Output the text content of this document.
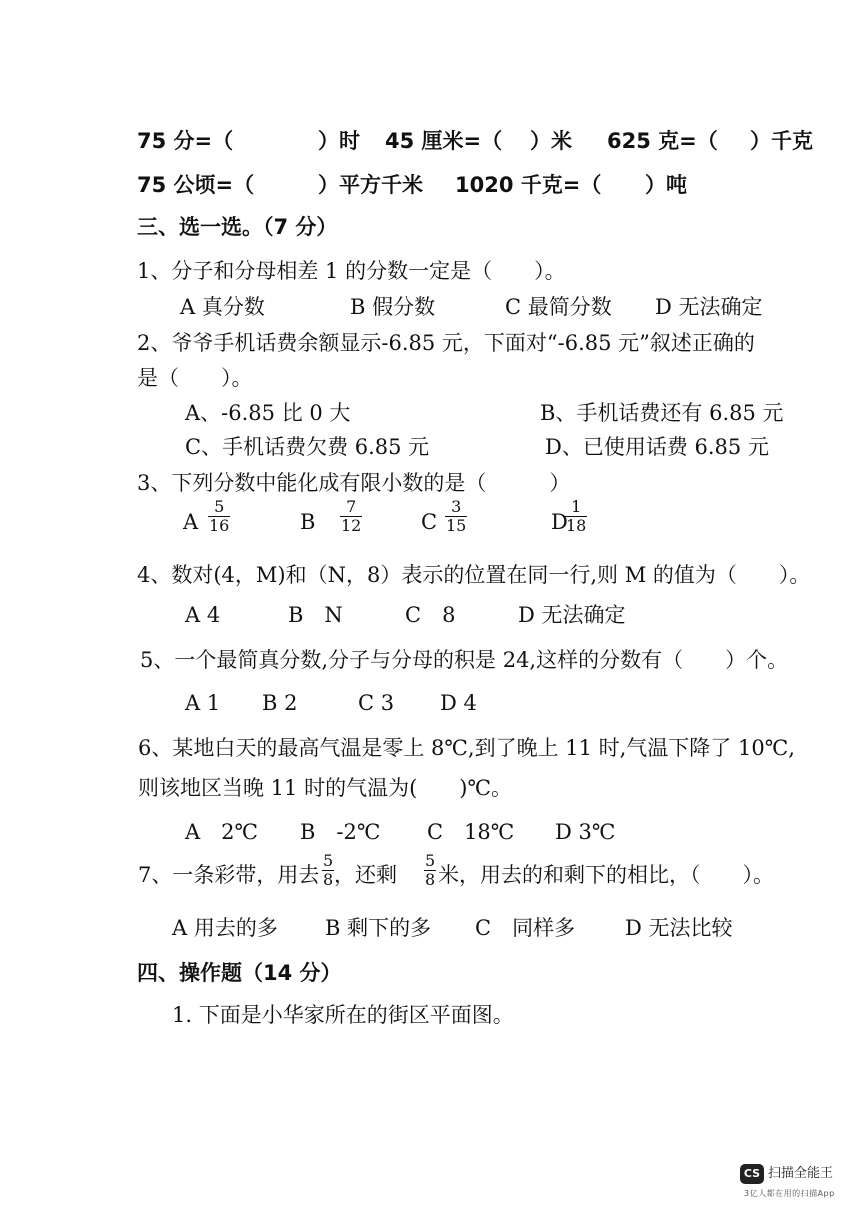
75 分=（	）时 45 厘米=（ ）米 625 克=（ ）千克
75 公顷=（	）平方千米 1020 千克=（ ）吨
三、选一选。（7 分）
1、分子和分母相差 1 的分数一定是（　　）。
A 真分数	B 假分数	C 最简分数 D 无法确定
2、爷爷手机话费余额显示-6.85 元，下面对“-6.85 元”叙述正确的
是（　　）。
A、-6.85 比 0 大	B、手机话费还有 6.85 元
C、手机话费欠费 6.85 元	D、已使用话费 6.85 元
3、下列分数中能化成有限小数的是（　　　）
A
5
16	B
7
12	C
3
15	D
1
18
4、数对(4，M)和（N，8）表示的位置在同一行,则 M 的值为（　　）。
A 4	B　N	C　8	D 无法确定
5、一个最简真分数,分子与分母的积是 24,这样的分数有（　　）个。
A 1 B 2	C 3 D 4
6、某地白天的最高气温是零上 8℃,到了晚上 11 时,气温下降了 10℃,
则该地区当晚 11 时的气温为(　　)℃。
A　2℃ B　-2℃ C　18℃ D 3℃
7、一条彩带，用去
5
8 ，还剩
5
8 米，用去的和剩下的相比，（　　）。
A 用去的多 B 剩下的多 C　同样多 D 无法比较
四、操作题（14 分）
1. 下面是小华家所在的街区平面图。
CS 扫描全能王
3亿人都在用的扫描App
